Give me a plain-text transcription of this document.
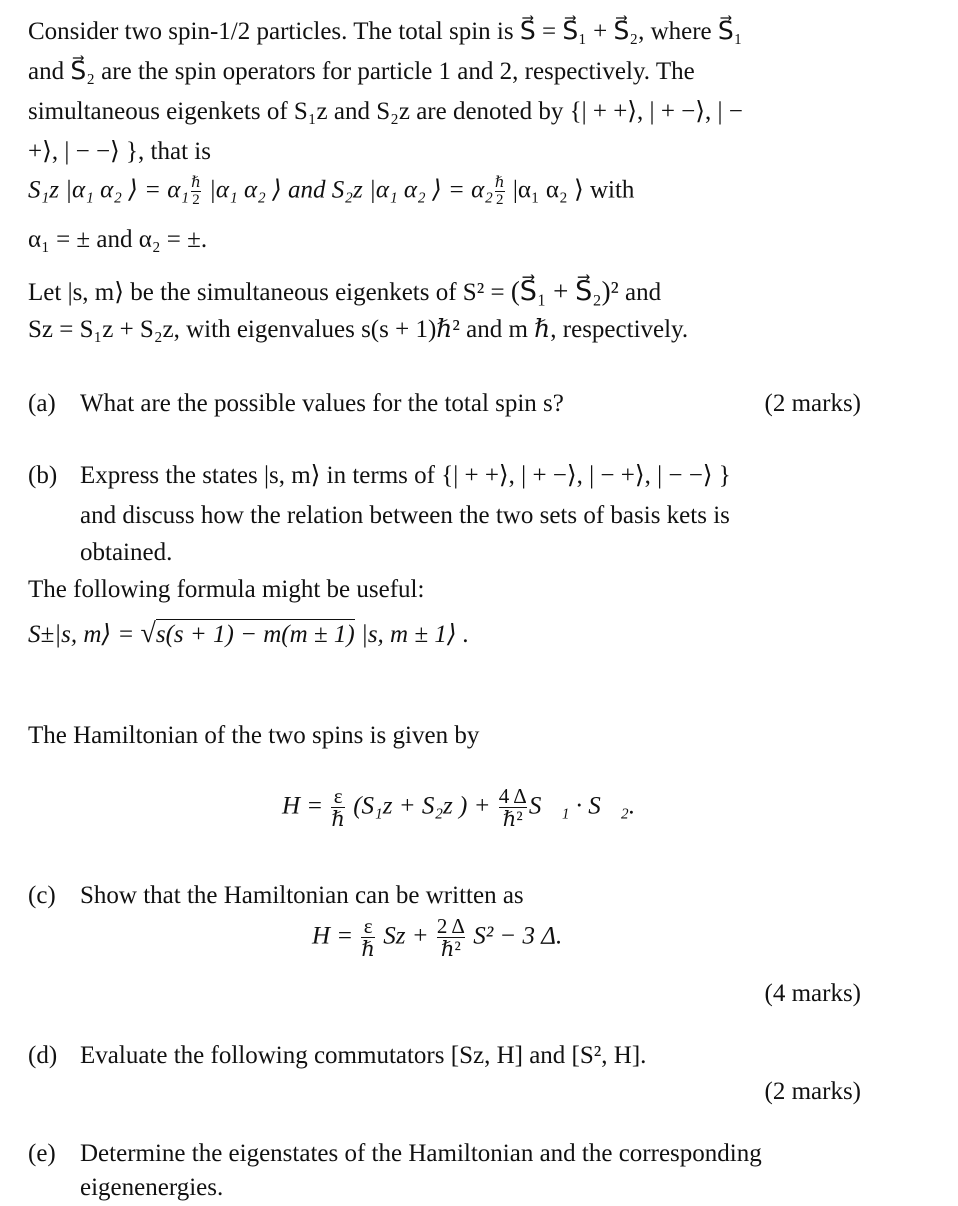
Consider two spin-1/2 particles. The total spin is S⃗ = S⃗₁ + S⃗₂, where S⃗₁
and S⃗₂ are the spin operators for particle 1 and 2, respectively. The
simultaneous eigenkets of S₁z and S₂z are denoted by {| + +⟩, | + −⟩, | −
+⟩, | − −⟩ }, that is
S₁z |α₁ α₂ ⟩ = $\alpha_1 \frac{\text{ℏ}}{2} |\alpha_1$ α₂ ⟩ and S₂z |α₁ α₂ ⟩ = $\alpha_2 \frac{\text{ℏ}}{2} |\alpha_1$ α₂ ⟩ with
α₁ = ± and α₂ = ±.
Let |s, m⟩ be the simultaneous eigenkets of S² = (S⃗₁ + S⃗₂)² and
Sz = S₁z + S₂z, with eigenvalues s(s + 1)ℏ² and m ℏ, respectively.
(a) What are the possible values for the total spin s?	(2 marks)
(b) Express the states |s, m⟩ in terms of {| + +⟩, | + −⟩, | − +⟩, | − −⟩ }
and discuss how the relation between the two sets of basis kets is
obtained.
The following formula might be useful:
S±|s, m⟩ = √s(s + 1) − m(m ± 1) |s, m ± 1⟩ .
The Hamiltonian of the two spins is given by
$H = \frac{\varepsilon}{\text{ℏ}} (S_1z + S_2z$ ) + $\frac{4 \Delta}{\text{ℏ²}}$ S⃗₁ · S⃗₂.
(c) Show that the Hamiltonian can be written as
$H = \frac{\varepsilon}{\text{ℏ}}$ $Sz + \frac{2 \Delta}{\text{ℏ²}} S^2 - 3$ Δ.
(4 marks)
(d) Evaluate the following commutators [Sz, H] and [S², H].
(2 marks)
(e) Determine the eigenstates of the Hamiltonian and the corresponding
eigenenergies.
